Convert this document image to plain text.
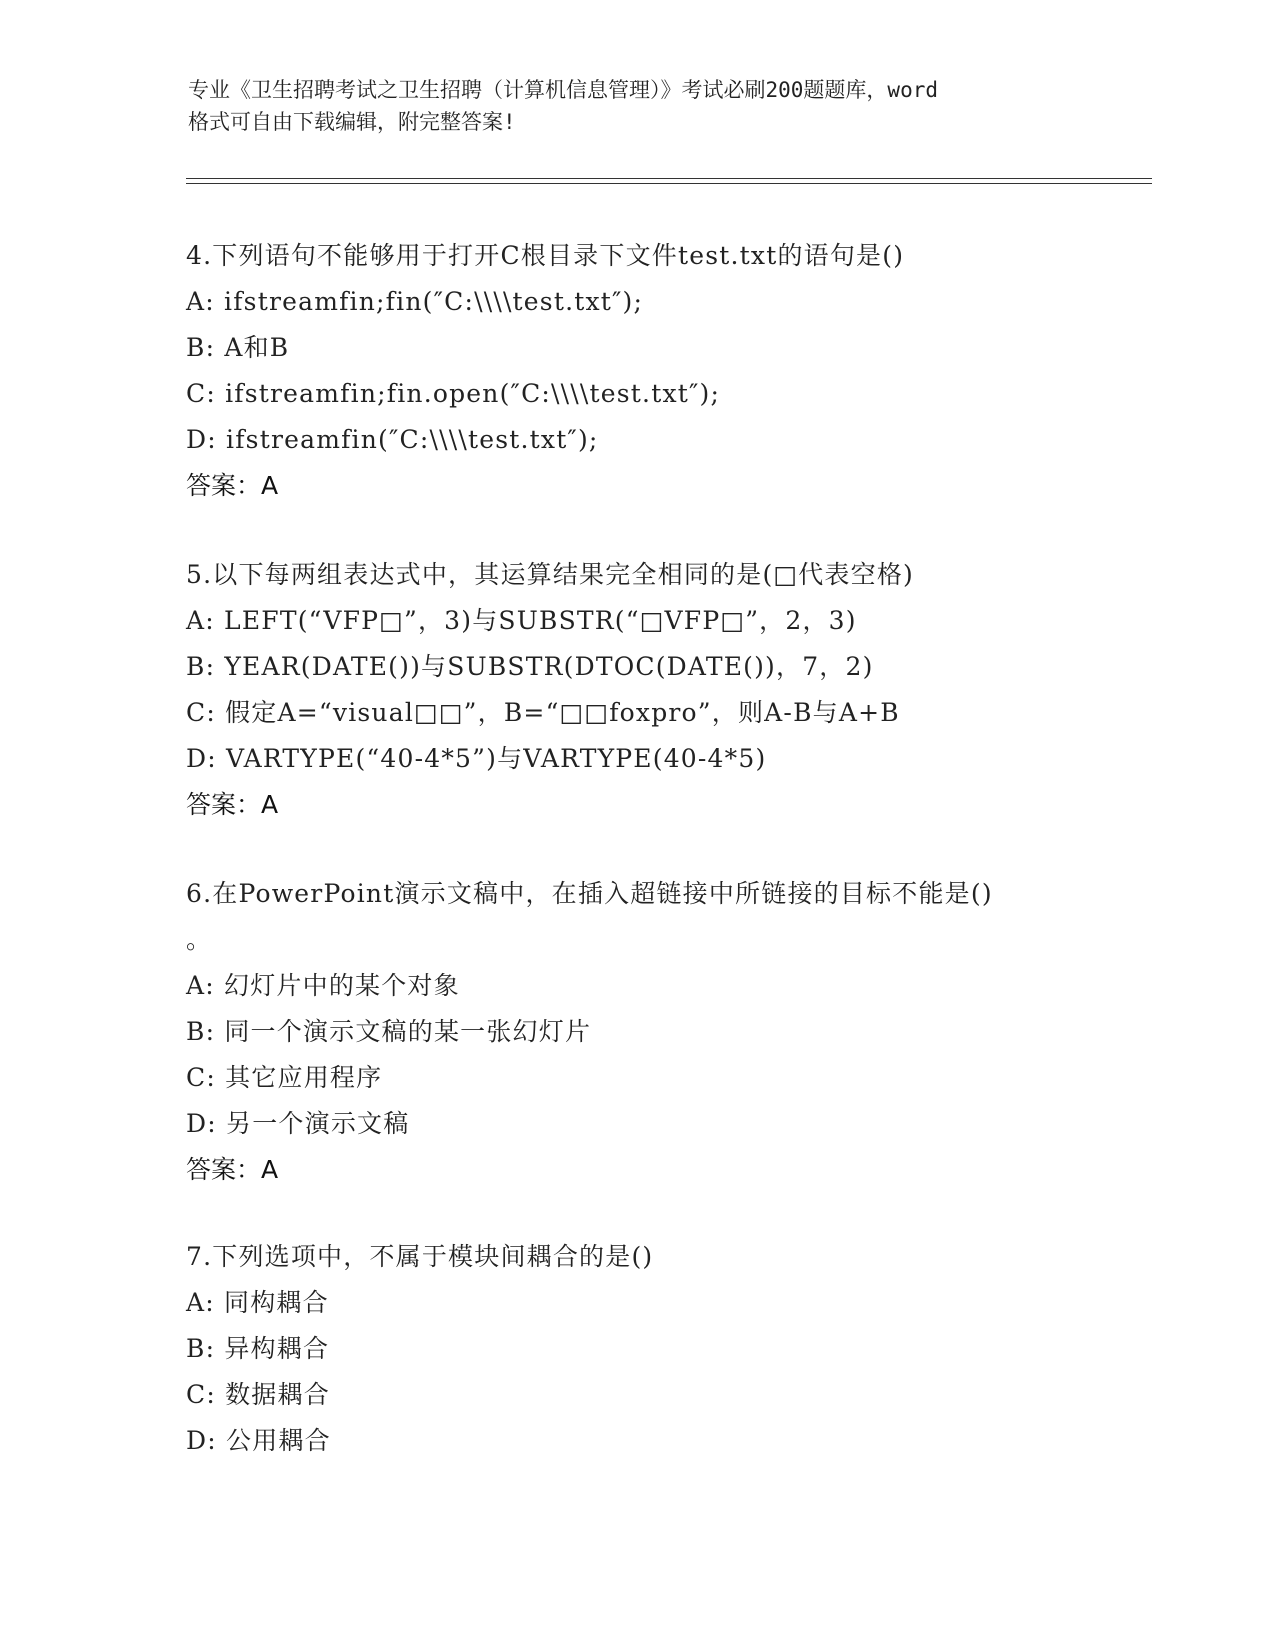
专业《卫生招聘考试之卫生招聘（计算机信息管理）》考试必刷200题题库，word
格式可自由下载编辑，附完整答案!
4.下列语句不能够用于打开C根目录下文件test.txt的语句是()
A: ifstreamfin;fin(″C:\\\\test.txt″);
B: A和B
C: ifstreamfin;fin.open(″C:\\\\test.txt″);
D: ifstreamfin(″C:\\\\test.txt″);
答案：A
5.以下每两组表达式中，其运算结果完全相同的是(□代表空格)
A: LEFT(“VFP□”，3)与SUBSTR(“□VFP□”，2，3)
B: YEAR(DATE())与SUBSTR(DTOC(DATE())，7，2)
C: 假定A=“visual□□”，B=“□□foxpro”，则A-B与A+B
D: VARTYPE(“40-4*5”)与VARTYPE(40-4*5)
答案：A
6.在PowerPoint演示文稿中，在插入超链接中所链接的目标不能是()
。
A: 幻灯片中的某个对象
B: 同一个演示文稿的某一张幻灯片
C: 其它应用程序
D: 另一个演示文稿
答案：A
7.下列选项中，不属于模块间耦合的是()
A: 同构耦合
B: 异构耦合
C: 数据耦合
D: 公用耦合
